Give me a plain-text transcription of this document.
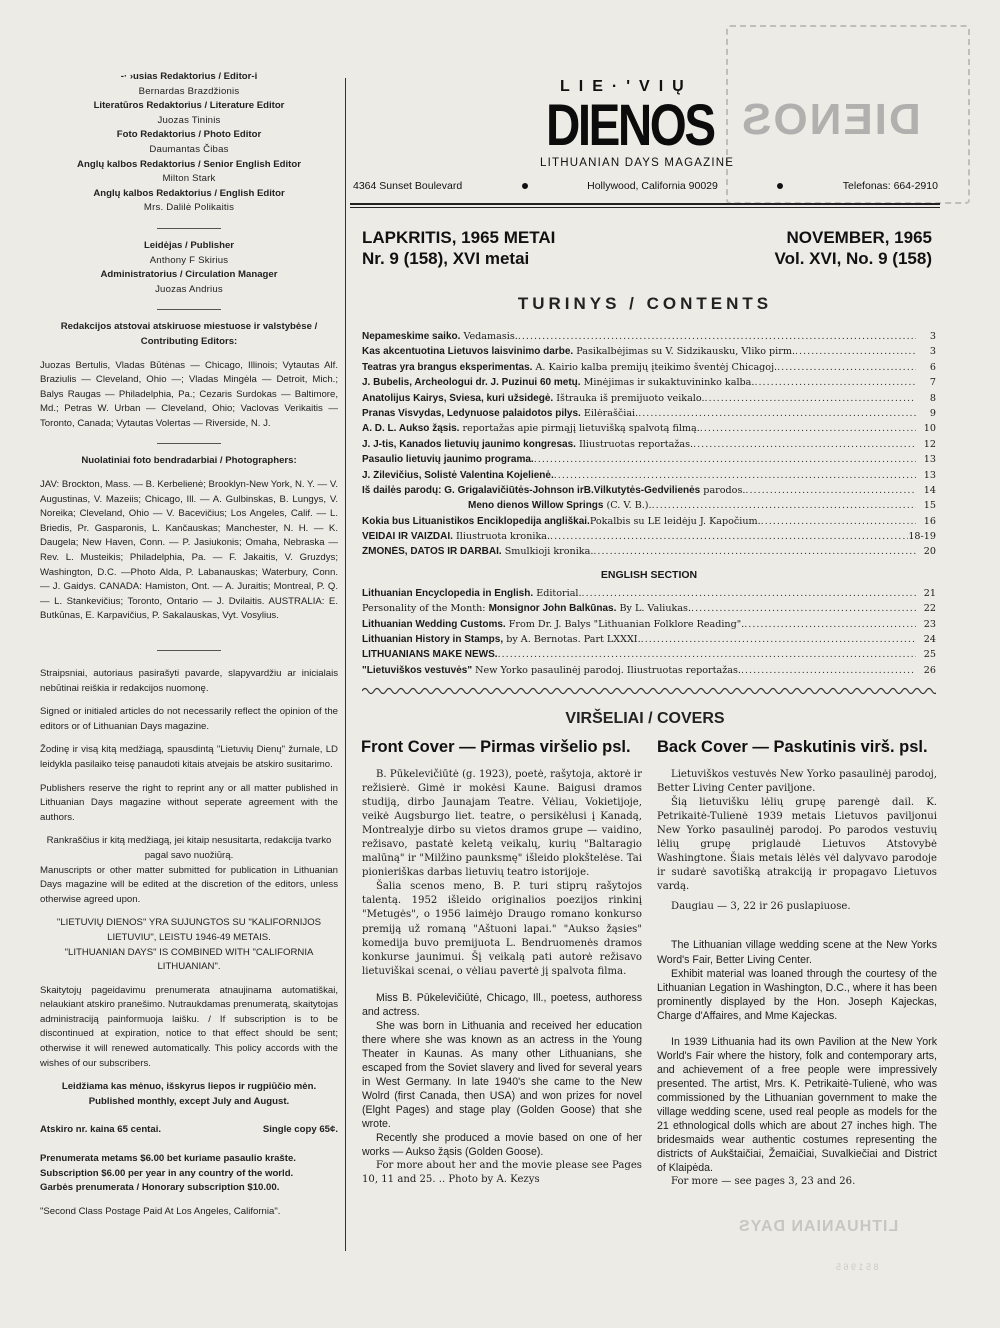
DIENOS
-· ›usias Redaktorius / Editor-i
Bernardas Brazdžionis
Literatūros Redaktorius / Literature Editor
Juozas Tininis
Foto Redaktorius / Photo Editor
Daumantas Čibas
Anglų kalbos Redaktorius / Senior English Editor
Milton Stark
Anglų kalbos Redaktorius / English Editor
Mrs. Dalilė Polikaitis
Leidėjas / Publisher
Anthony F Skirius
Administratorius / Circulation Manager
Juozas Andrius
Redakcijos atstovai atskiruose miestuose ir valstybėse / Contributing Editors:
Juozas Bertulis, Vladas Būtėnas — Chicago, Illinois; Vytautas Alf. Braziulis — Cleveland, Ohio —; Vladas Mingėla — Detroit, Mich.; Balys Raugas — Philadelphia, Pa.; Cezaris Surdokas — Baltimore, Md.; Petras W. Urban — Cleveland, Ohio; Vaclovas Verikaitis — Toronto, Canada; Vytautas Volertas — Riverside, N. J.
Nuolatiniai foto bendradarbiai / Photographers:
JAV: Brockton, Mass. — B. Kerbelienė; Brooklyn-New York, N. Y. — V. Augustinas, V. Mazeiis; Chicago, Ill. — A. Gulbinskas, B. Lungys, V. Noreika; Cleveland, Ohio — V. Bacevičius; Los Angeles, Calif. — L. Briedis, Pr. Gasparonis, L. Kančauskas; Manchester, N. H. — K. Daugela; New Haven, Conn. — P. Jasiukonis; Omaha, Nebraska — Rev. L. Musteikis; Philadelphia, Pa. — F. Jakaitis, V. Gruzdys; Washington, D.C. —Photo Alda, P. Labanauskas; Waterbury, Conn. — J. Gaidys. CANADA: Hamiston, Ont. — A. Juraitis; Montreal, P. Q. — L. Stankevičius; Toronto, Ontario — J. Dvilaitis. AUSTRALIA: E. Butkūnas, E. Karpavičius, P. Sakalauskas, Vyt. Vosylius.
Straipsniai, autoriaus pasirašyti pavarde, slapyvardžiu ar inicialais nebūtinai reiškia ir redakcijos nuomonę.
Signed or initialed articles do not necessarily reflect the opinion of the editors or of Lithuanian Days magazine.
Žodinę ir visą kitą medžiagą, spausdintą "Lietuvių Dienų" žurnale, LD leidykla pasilaiko teisę panaudoti kitais atvejais be atskiro susitarimo.
Publishers reserve the right to reprint any or all matter published in Lithuanian Days magazine without seperate agreement with the authors.
Rankraščius ir kitą medžiagą, jei kitaip nesusitarta, redakcija tvarko pagal savo nuožiūrą.
Manuscripts or other matter submitted for publication in Lithuanian Days magazine will be edited at the discretion of the editors, unless otherwise agreed upon.
"LIETUVIŲ DIENOS" YRA SUJUNGTOS SU "KALIFORNIJOS LIETUVIU", LEISTU 1946-49 METAIS.
"LITHUANIAN DAYS" IS COMBINED WITH "CALIFORNIA LITHUANIAN".
Skaitytojų pageidavimu prenumerata atnaujinama automatiškai, nelaukiant atskiro pranešimo. Nutraukdamas prenumeratą, skaitytojas administraciją painformuoja laišku. / If subscription is to be discontinued at expiration, notice to that effect should be sent; otherwise it will renewed automatically. This policy accords with the wishes of our subscribers.
Leidžiama kas mėnuo, išskyrus liepos ir rugpiūčio mėn.
Published monthly, except July and August.
Atskiro nr. kaina 65 centai.	Single copy 65¢.
Prenumerata metams $6.00 bet kuriame pasaulio krašte.
Subscription $6.00 per year in any country of the world.
Garbės prenumerata / Honorary subscription $10.00.
"Second Class Postage Paid At Los Angeles, California".
LIE·'VIŲ
DIENOS
LITHUANIAN DAYS MAGAZINE
4364 Sunset Boulevard	Hollywood, California 90029	Telefonas: 664-2910
LAPKRITIS, 1965 METAI
Nr. 9 (158), XVI metai
NOVEMBER, 1965
Vol. XVI, No. 9 (158)
TURINYS / CONTENTS
Nepameskime saiko. Vedamasis. .....	3
Kas akcentuotina Lietuvos laisvinimo darbe. Pasikalbėjimas su V. Sidzikausku, Vliko pirm. .....	3
Teatras yra brangus eksperimentas. A. Kairio kalba premijų įteikimo šventėj Chicagoj. .....	6
J. Bubelis, Archeologui dr. J. Puzinui 60 metų. Minėjimas ir sukaktuvininko kalba. .....	7
Anatolijus Kairys, Šviesa, kuri užsidegė. Ištrauka iš premijuoto veikalo. .....	8
Pranas Visvydas, Ledynuose palaidotos pilys. Eilėraščiai. .....	9
A. D. L. Aukso žąsis. reportažas apie pirmąjį lietuvišką spalvotą filmą. .....	10
J. J-tis, Kanados lietuvių jaunimo kongresas. Iliustruotas reportažas. .....	12
Pasaulio lietuvių jaunimo programa. .....	13
J. Žilevičius, Solistė Valentina Kojelienė. .....	13
Iš dailės parodų: G. Grigalavičiūtės-Johnson irB.Vilkutytės-Gedvilienės parodos. .....	14
Meno dienos Willow Springs (C. V. B.). .....	15
Kokia bus Lituanistikos Enciklopedija angliškai.Pokalbis su LE leidėju J. Kapočium. .....	16
VEIDAI IR VAIZDAI. Iliustruota kronika. .....	18-19
ŽMONĖS, DATOS IR DARBAI. Smulkioji kronika. .....	20
ENGLISH SECTION
Lithuanian Encyclopedia in English. Editorial. .....	21
Personality of the Month: Monsignor John Balkūnas. By L. Valiukas. .....	22
Lithuanian Wedding Customs. From Dr. J. Balys "Lithuanian Folklore Reading". .....	23
Lithuanian History in Stamps, by A. Bernotas. Part LXXXI. .....	24
LITHUANIANS MAKE NEWS. .....	25
"Lietuviškos vestuvės" New Yorko pasaulinėj parodoj. Iliustruotas reportažas. .....	26
VIRŠELIAI / COVERS
Front Cover — Pirmas viršelio psl. Back Cover — Paskutinis virš. psl.

B. Pūkelevičiūtė (g. 1923), poetė, rašytoja, aktorė ir režisierė. Gimė ir mokėsi Kaune. Baigusi dramos studiją, dirbo Jaunajam Teatre. Vėliau, Vokietijoje, veikė Augsburgo liet. teatre, o persikėlusi į Kanadą, Montrealyje dirbo su vietos dramos grupe — vaidino, režisavo, pastatė keletą veikalų, kurių "Baltaragio malūną" ir "Milžino paunksmę" išleido plokštelėse. Tai pionieriškas darbas lietuvių teatro istorijoje.

Šalia scenos meno, B. P. turi stiprų rašytojos talentą. 1952 išleido originalios poezijos rinkinį "Metugės", o 1956 laimėjo Draugo romano konkurso premiją už romaną "Aštuoni lapai." "Aukso žąsies" komedija buvo premijuota L. Bendruomenės dramos konkurse jaunimui. Šį veikalą pati autorė režisavo lietuviškai scenai, o vėliau pavertė jį spalvota filma.

Miss B. Pūkelevičiūtė, Chicago, Ill., poetess, authoress and actress.

She was born in Lithuania and received her education there where she was known as an actress in the Young Theater in Kaunas. As many other Lithuanians, she escaped from the Soviet slavery and lived for several years in West Germany. In late 1940's she came to the New Wolrd (first Canada, then USA) and won prizes for novel (Elght Pages) and stage play (Golden Goose) that she wrote.

Recently she produced a movie based on one of her works — Aukso žąsis (Golden Goose).

For more about her and the movie please see Pages 10, 11 and 25. .. Photo by A. Kezys

Lietuviškos vestuvės New Yorko pasaulinėj parodoj, Better Living Center paviljone.

Šią lietuvišku lėlių grupę parengė dail. K. Petrikaitė-Tulienė 1939 metais Lietuvos paviljonui New Yorko pasaulinėj parodoj. Po parodos vestuvių lėlių grupę priglaudė Lietuvos Atstovybė Washingtone. Šiais metais lėlės vėl dalyvavo parodoje ir sudarė savotišką atrakciją ir propagavo Lietuvos vardą.

Daugiau — 3, 22 ir 26 puslapiuose.

The Lithuanian village wedding scene at the New Yorks Word's Fair, Better Living Center.

Exhibit material was loaned through the courtesy of the Lithuanian Legation in Washington, D.C., where it has been prominently displayed by the Hon. Joseph Kajeckas, Charge d'Affaires, and Mme Kajeckas.

In 1939 Lithuania had its own Pavilion at the New York World's Fair where the history, folk and contemporary arts, and achievement of a free people were impressively presented. The artist, Mrs. K. Petrikaitė-Tulienė, who was commissioned by the Lithuanian government to make the village wedding scene, used real people as models for the 21 ethnological dolls which are about 27 inches high. The bridesmaids wear authentic costumes representing the districts of Aukštaičiai, Žemaičiai, Suvalkiečiai and District of Klaipėda.

For more — see pages 3, 23 and 26.

LITHUANIAN DAYS
8 5 1 9 6 5
